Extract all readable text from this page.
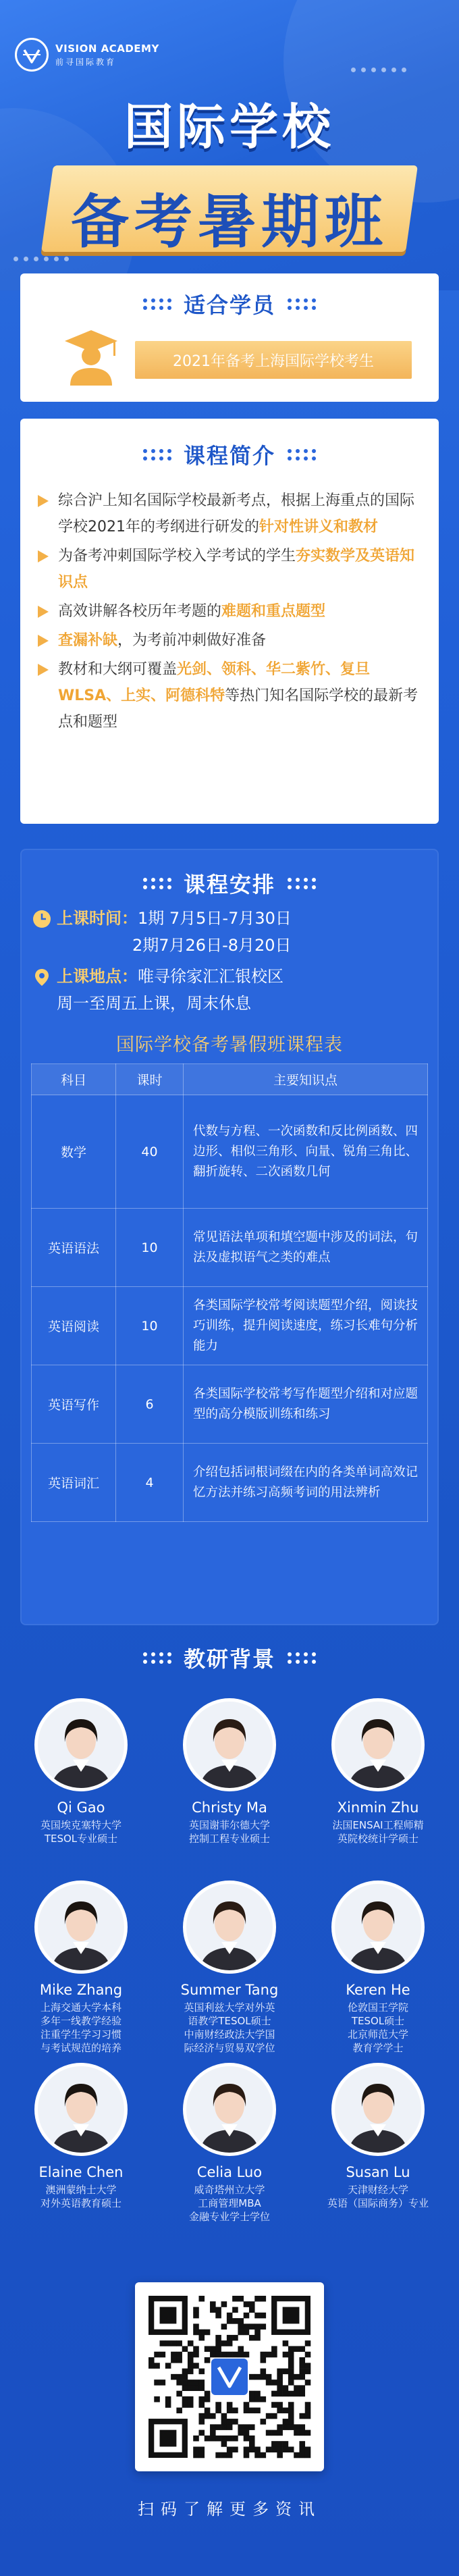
VISION ACADEMY
前寻国际教育
国际学校
备考暑期班
适合学员
2021年备考上海国际学校考生
课程简介
综合沪上知名国际学校最新考点，根据上海重点的国际学校2021年的考纲进行研发的针对性讲义和教材
为备考冲刺国际学校入学考试的学生夯实数学及英语知识点
高效讲解各校历年考题的难题和重点题型
查漏补缺，为考前冲刺做好准备
教材和大纲可覆盖光剑、领科、华二紫竹、复旦WLSA、上实、阿德科特等热门知名国际学校的最新考点和题型
课程安排
上课时间：1期 7月5日-7月30日
2期7月26日-8月20日
上课地点：唯寻徐家汇汇银校区
周一至周五上课，周末休息
国际学校备考暑假班课程表
科目	课时	主要知识点
数学	40	代数与方程、一次函数和反比例函数、四边形、相似三角形、向量、锐角三角比、翻折旋转、二次函数几何
英语语法	10	常见语法单项和填空题中涉及的词法，句法及虚拟语气之类的难点
英语阅读	10	各类国际学校常考阅读题型介绍，阅读技巧训练，提升阅读速度，练习长难句分析能力
英语写作	6	各类国际学校常考写作题型介绍和对应题型的高分模版训练和练习
英语词汇	4	介绍包括词根词缀在内的各类单词高效记忆方法并练习高频考词的用法辨析
教研背景
Qi Gao
英国埃克塞特大学
TESOL专业硕士
Christy Ma
英国谢菲尔德大学
控制工程专业硕士
Xinmin Zhu
法国ENSAI工程师精
英院校统计学硕士
Mike Zhang
上海交通大学本科
多年一线教学经验
注重学生学习习惯
与考试规范的培养
Summer Tang
英国利兹大学对外英
语教学TESOL硕士
中南财经政法大学国
际经济与贸易双学位
Keren He
伦敦国王学院
TESOL硕士
北京师范大学
教育学学士
Elaine Chen
澳洲蒙纳士大学
对外英语教育硕士
Celia Luo
威奇塔州立大学
工商管理MBA
金融专业学士学位
Susan Lu
天津财经大学
英语（国际商务）专业
扫码了解更多资讯
